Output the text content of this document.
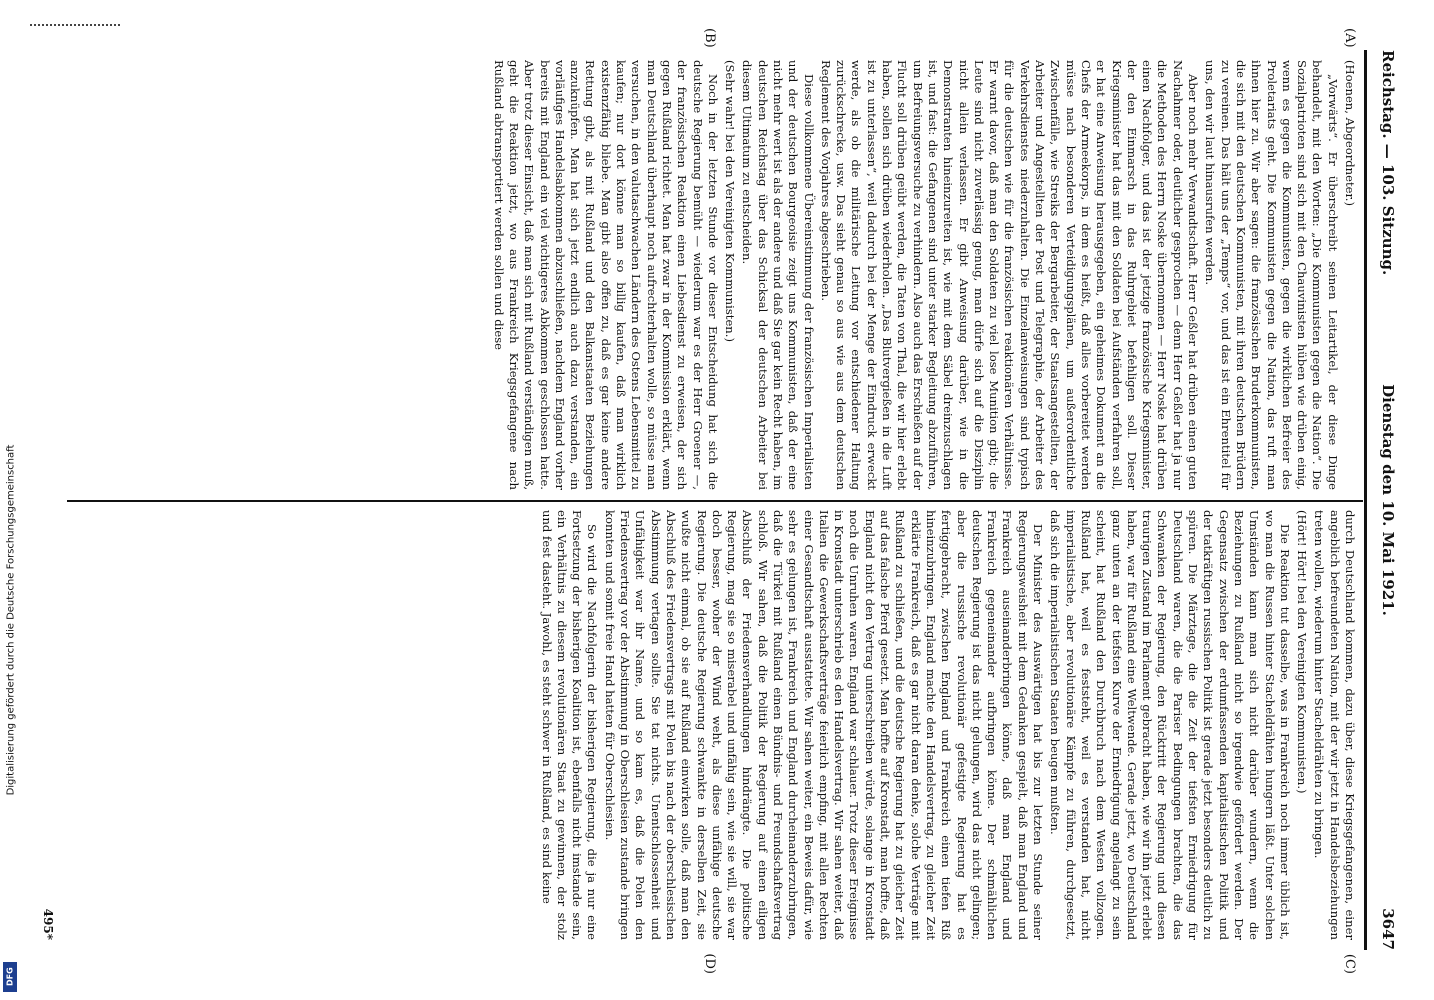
Digitalisierung gefördert durch die Deutsche Forschungsgemeinschaft
DFG
Reichstag. — 103. Sitzung.
Dienstag den 10. Mai 1921.
3647
(A)
(B)
(C)
(D)

(Hoenen, Abgeordneter.)

„Vorwärts“. Er überschreibt seinen Leitartikel, der diese Dinge behandelt, mit den Worten: „Die Kommunisten gegen die Nation“. Die Sozialpatrioten sind sich mit den Chauvinisten hüben wie drüben einig, wenn es gegen die Kommunisten, gegen die wirklichen Befreier des Proletariats geht. Die Kommunisten gegen die Nation, das ruft man ihnen hier zu. Wir aber sagen: die französischen Bruderkommunisten, die sich mit den deutschen Kommunisten, mit ihren deutschen Brüdern zu vereinen. Das hält uns der „Temps“ vor, und das ist ein Ehrentitel für uns, den wir laut hinausrufen werden.

Aber noch mehr Verwandtschaft. Herr Geßler hat drüben einen guten Nachahmer oder, deutlicher gesprochen — denn Herr Geßler hat ja nur die Methoden des Herrn Noske übernommen — Herr Noske hat drüben einen Nachfolger, und das ist der jetzige französische Kriegsminister, der den Einmarsch in das Ruhrgebiet befehligen soll. Dieser Kriegsminister hat das mit den Soldaten bei Aufständen verfahren soll, er hat eine Anweisung herausgegeben, ein geheimes Dokument an die Chefs der Armeekorps, in dem es heißt, daß alles vorbereitet werden müsse nach besonderen Verteidigungsplänen, um außerordentliche Zwischenfälle, wie Streiks der Bergarbeiter, der Staatsangestellten, der Arbeiter und Angestellten der Post und Telegraphie, der Arbeiter des Verkehrsdienstes niederzuhalten. Die Einzelanweisungen sind typisch für die deutschen wie für die französischen reaktionären Verhältnisse. Er warnt davor, daß man den Soldaten zu viel lose Munition gibt; die Leute sind nicht zuverlässig genug, man dürfe sich auf die Disziplin nicht allein verlassen. Er gibt Anweisung darüber, wie in die Demonstranten hineinzureiten ist, wie mit dem Säbel dreinzuschlagen ist, und fast: die Gefangenen sind unter starker Begleitung abzuführen, um Befreiungsversuche zu verhindern. Also auch das Erschießen auf der Flucht soll drüben geübt werden, die Taten von Thal, die wir hier erlebt haben, sollen sich drüben wiederholen. „Das Blutvergießen in die Luft ist zu unterlassen“, weil dadurch bei der Menge der Eindruck erweckt werde, als ob die militärische Leitung vor entschiedener Haltung zurückschrecke, usw. Das sieht genau so aus wie aus dem deutschen Reglement des Vorjahres abgeschrieben.

Diese vollkommene Übereinstimmung der französischen Imperialisten und der deutschen Bourgeoisie zeigt uns Kommunisten, daß der eine nicht mehr wert ist als der andere und daß Sie gar kein Recht haben, im deutschen Reichstag über das Schicksal der deutschen Arbeiter bei diesem Ultimatum zu entscheiden.

(Sehr wahr! bei den Vereinigten Kommunisten.)

Noch in der letzten Stunde vor dieser Entscheidung hat sich die deutsche Regierung bemüht — wiederum war es der Herr Groener —, der französischen Reaktion einen Liebesdienst zu erweisen, der sich gegen Rußland richtet. Man hat zwar in der Kommission erklärt, wenn man Deutschland überhaupt noch aufrechterhalten wolle, so müsse man versuchen, in den valutaschwachen Ländern des Ostens Lebensmittel zu kaufen; nur dort könne man so billig kaufen, daß man wirklich existenzfähig bliebe. Man gibt also offen zu, daß es gar keine andere Rettung gibt, als mit Rußland und den Balkanstaaten Beziehungen anzuknüpfen. Man hat sich jetzt endlich auch dazu verstanden, ein vorläufiges Handelsabkommen abzuschließen, nachdem England vorher bereits mit England ein viel wichtigeres Abkommen geschlossen hatte. Aber trotz dieser Einsicht, daß man sich mit Rußland verständigen muß, geht die Reaktion jetzt, wo aus Frankreich Kriegsgefangene nach Rußland abtransportiert werden sollen und diese

durch Deutschland kommen, dazu über, diese Kriegsgefangenen, einer angeblich befreundeten Nation, mit der wir jetzt in Handelsbeziehungen treten wollen, wiederum hinter Stacheldrähten zu bringen.

(Hört! Hört! bei den Vereinigten Kommunisten.)

Die Reaktion tut dasselbe, was in Frankreich noch immer üblich ist, wo man die Russen hinter Stacheldrähten hungern läßt. Unter solchen Umständen kann man sich nicht darüber wundern, wenn die Beziehungen zu Rußland nicht so irgendwie gefördert werden. Der Gegensatz zwischen der erdumfassenden kapitalistischen Politik und der tatkräftigen russischen Politik ist gerade jetzt besonders deutlich zu spüren. Die Märztage, die die Zeit der tiefsten Erniedrigung für Deutschland waren, die die Pariser Bedingungen brachten, die das Schwanken der Regierung, den Rücktritt der Regierung und diesen traurigen Zustand im Parlament gebracht haben, wie wir ihn jetzt erlebt haben, war für Rußland eine Weltwende. Gerade jetzt, wo Deutschland ganz unten an der tiefsten Kurve der Erniedrigung angelangt zu sein scheint, hat Rußland den Durchbruch nach dem Westen vollzogen. Rußland hat, weil es feststeht, weil es verstanden hat, nicht imperialistische, aber revolutionäre Kämpfe zu führen, durchgesetzt, daß sich die imperialistischen Staaten beugen mußten.

Der Minister des Auswärtigen hat bis zur letzten Stunde seiner Regierungsweisheit mit dem Gedanken gespielt, daß man England und Frankreich auseinanderbringen könne, daß man England und Frankreich gegeneinander aufbringen könne. Der schmählichen deutschen Regierung ist das nicht gelungen, wird das nicht gelingen; aber die russische revolutionär gefestigte Regierung hat es fertiggebracht, zwischen England und Frankreich einen tiefen Riß hineinzubringen. England machte den Handelsvertrag, zu gleicher Zeit erklärte Frankreich, daß es gar nicht daran denke, solche Verträge mit Rußland zu schließen, und die deutsche Regierung hat zu gleicher Zeit auf das falsche Pferd gesetzt. Man hoffte auf Kronstadt, man hoffte, daß England nicht den Vertrag unterschreiben würde, solange in Kronstadt noch die Unruhen waren. England war schlauer. Trotz dieser Ereignisse in Kronstadt unterschrieb es den Handelsvertrag. Wir sahen weiter, daß Italien die Gewerkschaftsverträge feierlich empfing, mit allen Rechten einer Gesandtschaft ausstattete. Wir sahen weiter, ein Beweis dafür, wie sehr es gelungen ist, Frankreich und England durcheinanderzubringen, daß die Türkei mit Rußland einen Bündnis- und Freundschaftsvertrag schloß. Wir sahen, daß die Politik der Regierung auf einen eiligen Abschluß der Friedensverhandlungen hindrängte. Die politische Regierung, mag sie so miserabel und unfähig sein, wie sie will, sie war doch besser, woher der Wind weht, als diese unfähige deutsche Regierung. Die deutsche Regierung schwankte in derselben Zeit, sie wußte nicht einmal, ob sie auf Rußland einwirken solle, daß man den Abschluß des Friedensvertrags mit Polen bis nach der oberschlesischen Abstimmung vertagen sollte. Sie tat nichts. Unentschlossenheit und Unfähigkeit war ihr Name, und so kam es, daß die Polen den Friedensvertrag vor der Abstimmung in Oberschlesien zustande bringen konnten und somit freie Hand hatten für Oberschlesien.

So wird die Nachfolgerin der bisherigen Regierung, die ja nur eine Fortsetzung der bisherigen Koalition ist, ebenfalls nicht imstande sein, ein Verhältnis zu diesem revolutionären Staat zu gewinnen, der stolz und fest dasteht. Jawohl, es steht schwer in Rußland, es sind keine

495*
